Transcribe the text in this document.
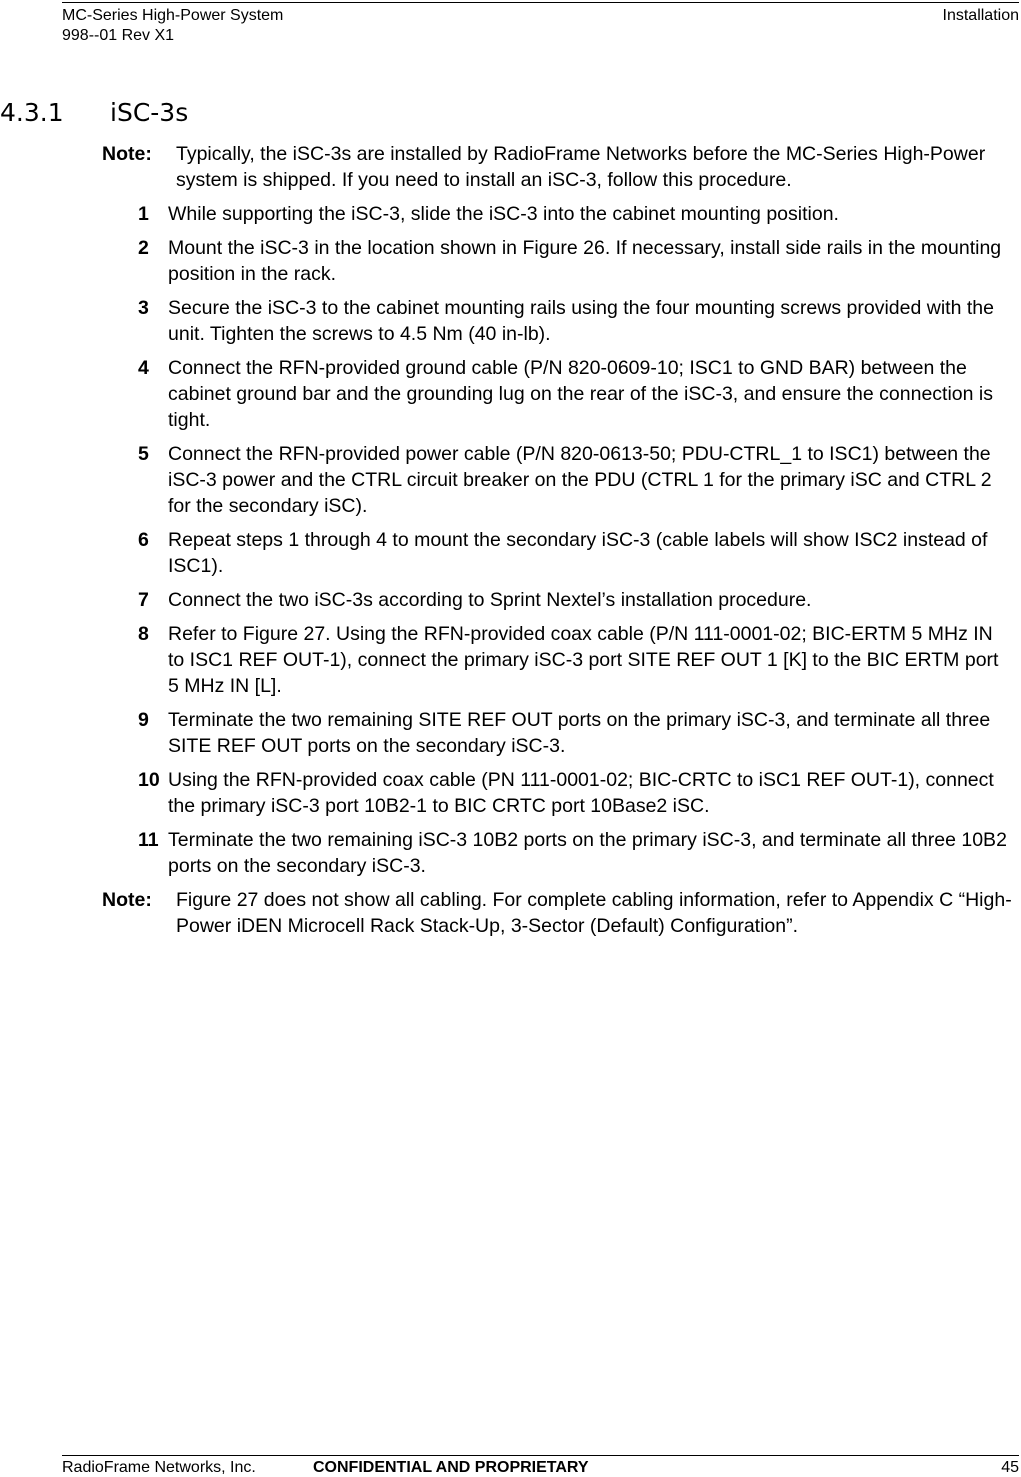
MC-Series High-Power System	Installation
998--01 Rev X1
4.3.1 iSC-3s
Note:	Typically, the iSC-3s are installed by RadioFrame Networks before the MC-Series High-Power system is shipped. If you need to install an iSC-3, follow this procedure.
1 While supporting the iSC-3, slide the iSC-3 into the cabinet mounting position.
2 Mount the iSC-3 in the location shown in Figure 26. If necessary, install side rails in the mounting position in the rack.
3 Secure the iSC-3 to the cabinet mounting rails using the four mounting screws provided with the unit. Tighten the screws to 4.5 Nm (40 in-lb).
4 Connect the RFN-provided ground cable (P/N 820-0609-10; ISC1 to GND BAR) between the cabinet ground bar and the grounding lug on the rear of the iSC-3, and ensure the connection is tight.
5 Connect the RFN-provided power cable (P/N 820-0613-50; PDU-CTRL_1 to ISC1) between the iSC-3 power and the CTRL circuit breaker on the PDU (CTRL 1 for the primary iSC and CTRL 2 for the secondary iSC).
6 Repeat steps 1 through 4 to mount the secondary iSC-3 (cable labels will show ISC2 instead of ISC1).
7 Connect the two iSC-3s according to Sprint Nextel’s installation procedure.
8 Refer to Figure 27. Using the RFN-provided coax cable (P/N 111-0001-02; BIC-ERTM 5 MHz IN to ISC1 REF OUT-1), connect the primary iSC-3 port SITE REF OUT 1 [K] to the BIC ERTM port 5 MHz IN [L].
9 Terminate the two remaining SITE REF OUT ports on the primary iSC-3, and terminate all three SITE REF OUT ports on the secondary iSC-3.
10 Using the RFN-provided coax cable (PN 111-0001-02; BIC-CRTC to iSC1 REF OUT-1), connect the primary iSC-3 port 10B2-1 to BIC CRTC port 10Base2 iSC.
11 Terminate the two remaining iSC-3 10B2 ports on the primary iSC-3, and terminate all three 10B2 ports on the secondary iSC-3.
Note:	Figure 27 does not show all cabling. For complete cabling information, refer to Appendix C “High-Power iDEN Microcell Rack Stack-Up, 3-Sector (Default) Configuration”.
RadioFrame Networks, Inc.	CONFIDENTIAL AND PROPRIETARY	45
